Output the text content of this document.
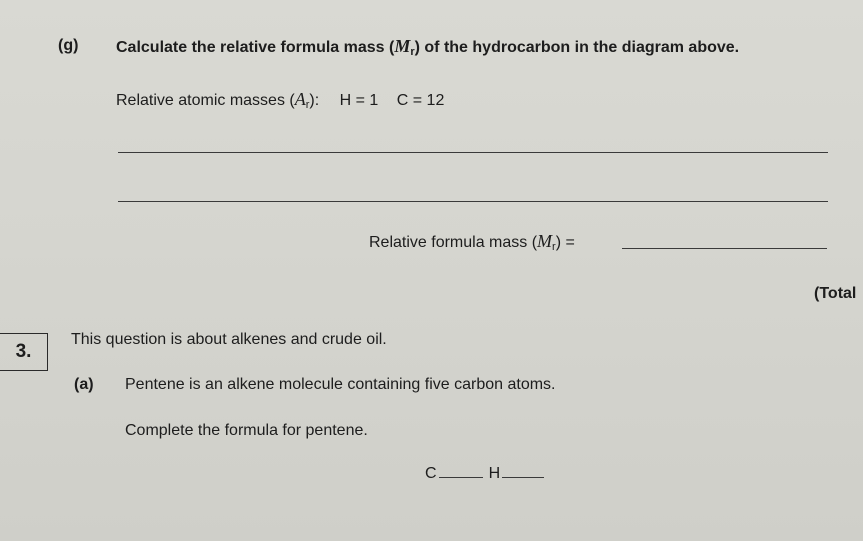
(g) Calculate the relative formula mass $(M_r)$ of the hydrocarbon in the diagram above.
Relative atomic masses $(A_r)$: H = 1 C = 12
Relative formula mass $(M_r)$ =
(Total
3.
This question is about alkenes and crude oil.
(a) Pentene is an alkene molecule containing five carbon atoms.
Complete the formula for pentene.
C	H
